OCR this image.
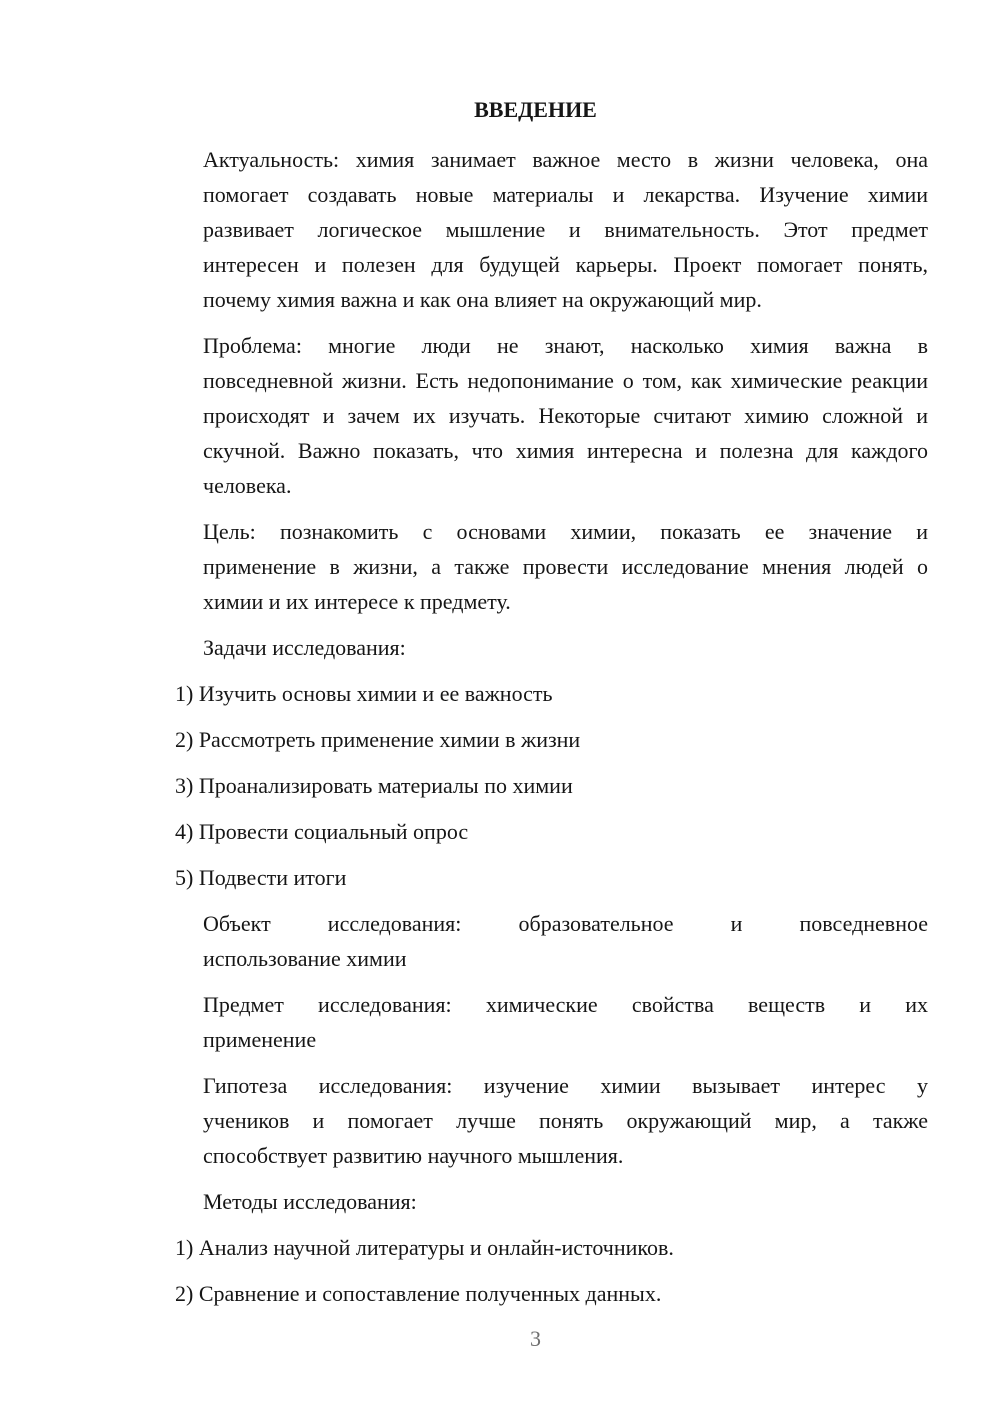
ВВЕДЕНИЕ

Актуальность: химия занимает важное место в жизни человека, она
помогает создавать новые материалы и лекарства. Изучение химии
развивает логическое мышление и внимательность. Этот предмет
интересен и полезен для будущей карьеры. Проект помогает понять,
почему химия важна и как она влияет на окружающий мир.

Проблема: многие люди не знают, насколько химия важна в
повседневной жизни. Есть недопонимание о том, как химические реакции
происходят и зачем их изучать. Некоторые считают химию сложной и
скучной. Важно показать, что химия интересна и полезна для каждого
человека.

Цель: познакомить с основами химии, показать ее значение и
применение в жизни, а также провести исследование мнения людей о
химии и их интересе к предмету.

Задачи исследования:

1) Изучить основы химии и ее важность
2) Рассмотреть применение химии в жизни
3) Проанализировать материалы по химии
4) Провести социальный опрос
5) Подвести итоги

Объект исследования: образовательное и повседневное
использование химии

Предмет исследования: химические свойства веществ и их
применение

Гипотеза исследования: изучение химии вызывает интерес у
учеников и помогает лучше понять окружающий мир, а также
способствует развитию научного мышления.

Методы исследования:

1) Анализ научной литературы и онлайн-источников.
2) Сравнение и сопоставление полученных данных.
3
